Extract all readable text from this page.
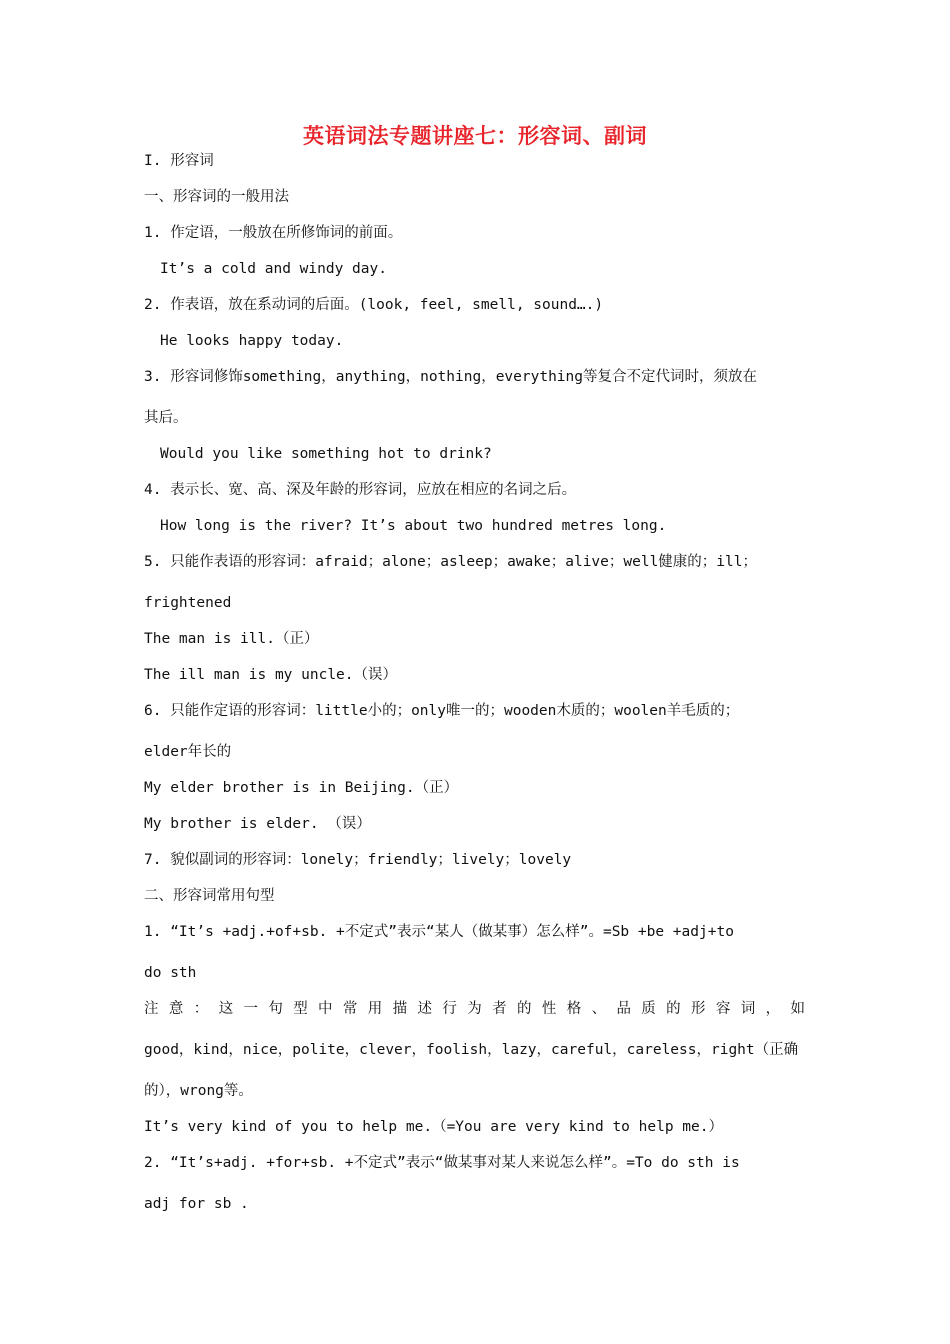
英语词法专题讲座七：形容词、副词
I. 形容词
一、形容词的一般用法
1. 作定语，一般放在所修饰词的前面。
It’s a cold and windy day.
2. 作表语，放在系动词的后面。(look, feel, smell, sound….)
He looks happy today.
3. 形容词修饰something，anything，nothing，everything等复合不定代词时，须放在
其后。
Would you like something hot to drink?
4. 表示长、宽、高、深及年龄的形容词，应放在相应的名词之后。
How long is the river? It’s about two hundred metres long.
5. 只能作表语的形容词：afraid；alone；asleep；awake；alive；well健康的；ill；
frightened
The man is ill.（正）
The ill man is my uncle.（误）
6. 只能作定语的形容词：little小的；only唯一的；wooden木质的；woolen羊毛质的；
elder年长的
My elder brother is in Beijing.（正）
My brother is elder. （误）
7. 貌似副词的形容词：lonely；friendly；lively；lovely
二、形容词常用句型
1. “It’s +adj.+of+sb. +不定式”表示“某人（做某事）怎么样”。=Sb +be +adj+to
do sth
注意：这一句型中常用描述行为者的性格、品质的形容词，如
good，kind，nice，polite，clever，foolish，lazy，careful，careless，right（正确
的），wrong等。
It’s very kind of you to help me.（=You are very kind to help me.）
2. “It’s+adj. +for+sb. +不定式”表示“做某事对某人来说怎么样”。=To do sth is
adj for sb .
